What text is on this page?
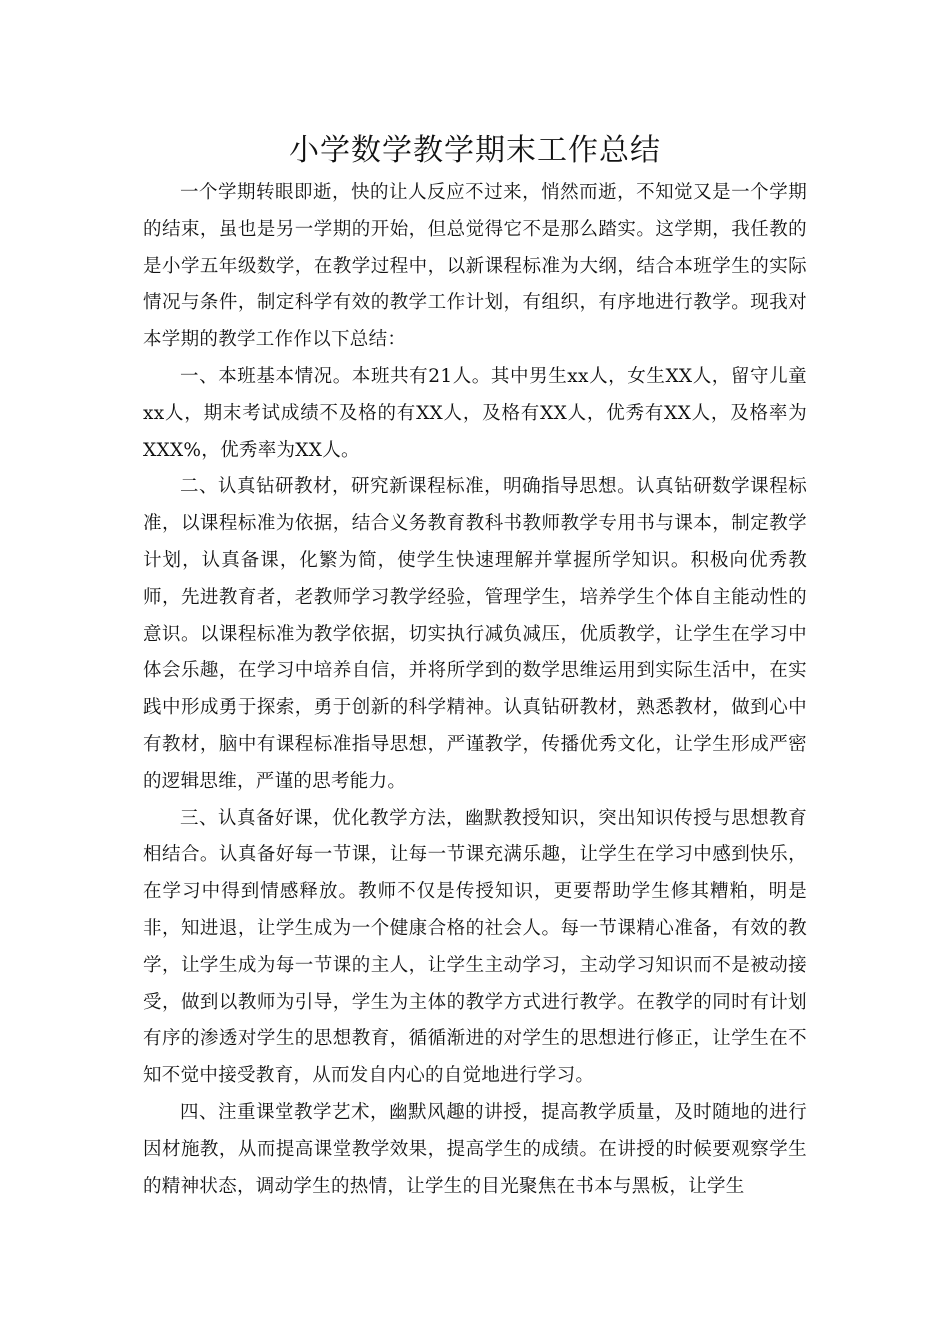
小学数学教学期末工作总结

一个学期转眼即逝，快的让人反应不过来，悄然而逝，不知觉又是一个学期的结束，虽也是另一学期的开始，但总觉得它不是那么踏实。这学期，我任教的是小学五年级数学，在教学过程中，以新课程标准为大纲，结合本班学生的实际情况与条件，制定科学有效的教学工作计划，有组织，有序地进行教学。现我对本学期的教学工作作以下总结：

一、本班基本情况。本班共有21人。其中男生xx人，女生XX人，留守儿童xx人，期末考试成绩不及格的有XX人，及格有XX人，优秀有XX人，及格率为XXX%，优秀率为XX人。

二、认真钻研教材，研究新课程标准，明确指导思想。认真钻研数学课程标准，以课程标准为依据，结合义务教育教科书教师教学专用书与课本，制定教学计划，认真备课，化繁为简，使学生快速理解并掌握所学知识。积极向优秀教师，先进教育者，老教师学习教学经验，管理学生，培养学生个体自主能动性的意识。以课程标准为教学依据，切实执行减负减压，优质教学，让学生在学习中体会乐趣，在学习中培养自信，并将所学到的数学思维运用到实际生活中，在实践中形成勇于探索，勇于创新的科学精神。认真钻研教材，熟悉教材，做到心中有教材，脑中有课程标准指导思想，严谨教学，传播优秀文化，让学生形成严密的逻辑思维，严谨的思考能力。

三、认真备好课，优化教学方法，幽默教授知识，突出知识传授与思想教育相结合。认真备好每一节课，让每一节课充满乐趣，让学生在学习中感到快乐，在学习中得到情感释放。教师不仅是传授知识，更要帮助学生修其糟粕，明是非，知进退，让学生成为一个健康合格的社会人。每一节课精心准备，有效的教学，让学生成为每一节课的主人，让学生主动学习，主动学习知识而不是被动接受，做到以教师为引导，学生为主体的教学方式进行教学。在教学的同时有计划有序的渗透对学生的思想教育，循循渐进的对学生的思想进行修正，让学生在不知不觉中接受教育，从而发自内心的自觉地进行学习。

四、注重课堂教学艺术，幽默风趣的讲授，提高教学质量，及时随地的进行因材施教，从而提高课堂教学效果，提高学生的成绩。在讲授的时候要观察学生的精神状态，调动学生的热情，让学生的目光聚焦在书本与黑板，让学生
